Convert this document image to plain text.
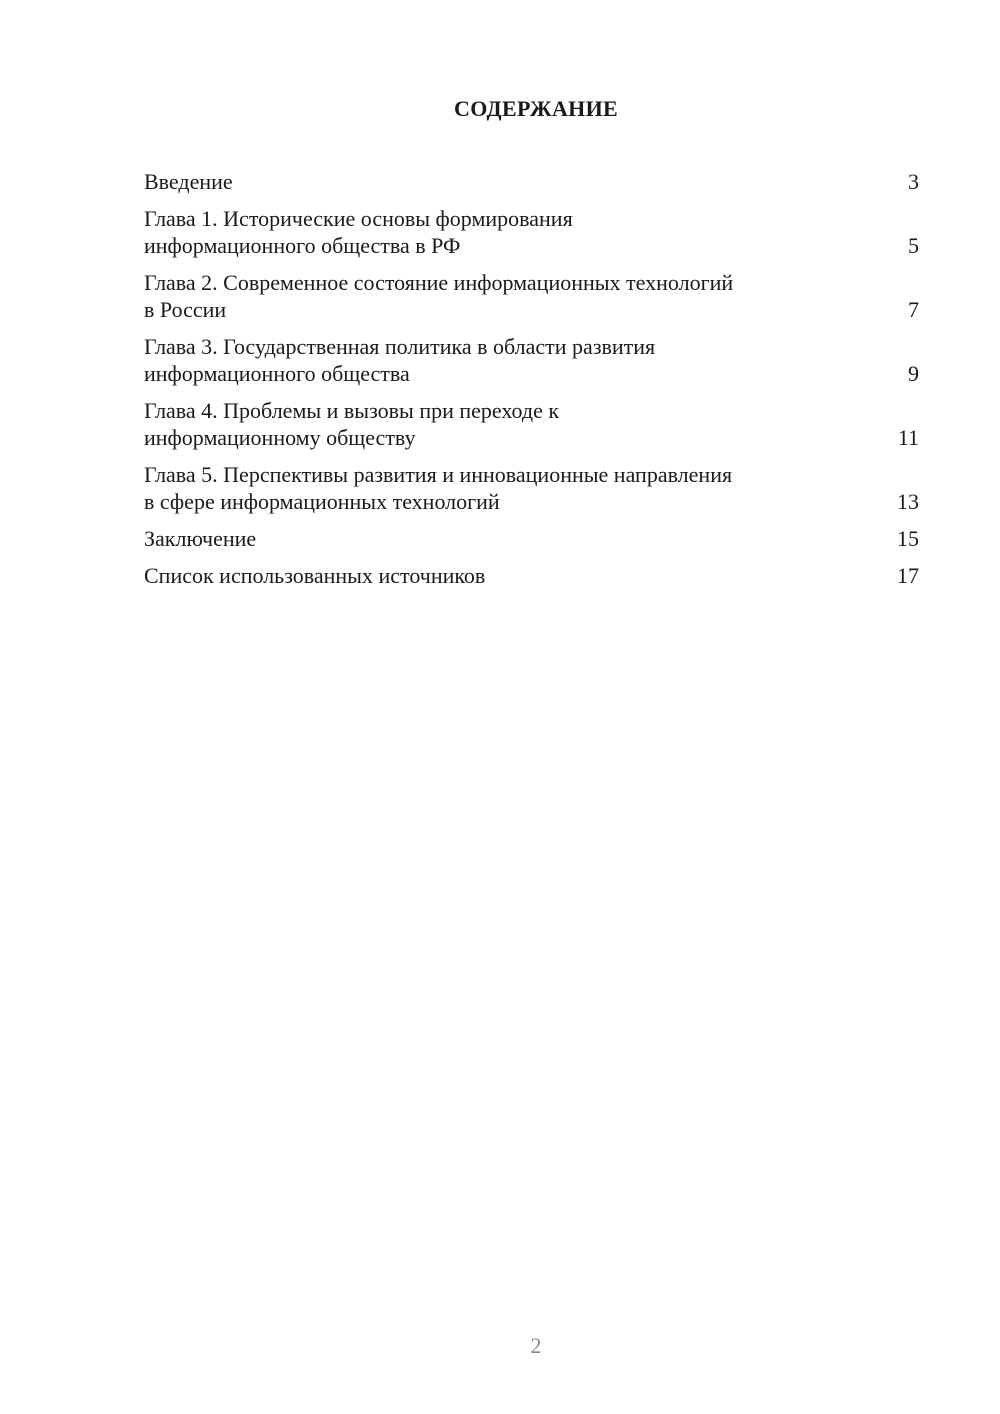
СОДЕРЖАНИЕ
Введение	3
Глава 1. Исторические основы формирования
информационного общества в РФ	5
Глава 2. Современное состояние информационных технологий
в России	7
Глава 3. Государственная политика в области развития
информационного общества	9
Глава 4. Проблемы и вызовы при переходе к
информационному обществу	11
Глава 5. Перспективы развития и инновационные направления
в сфере информационных технологий	13
Заключение	15
Список использованных источников	17
2
